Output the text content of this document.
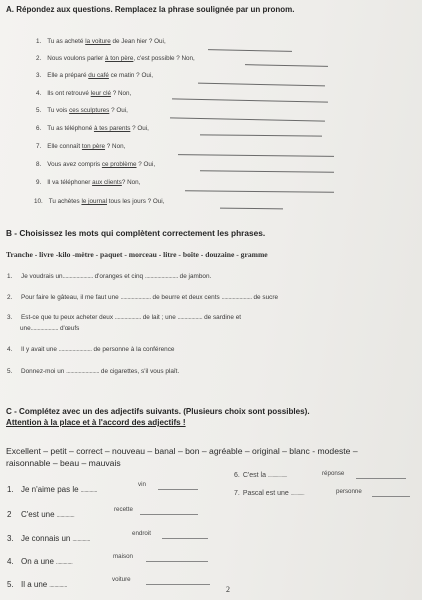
A. Répondez aux questions. Remplacez la phrase soulignée par un pronom.
1. Tu as acheté la voiture de Jean hier ? Oui,
2. Nous voulons parler à ton père, c'est possible ? Non,
3. Elle a préparé du café ce matin ? Oui,
4. Ils ont retrouvé leur clé ? Non,
5. Tu vois ces sculptures ? Oui,
6. Tu as téléphoné à tes parents ? Oui,
7. Elle connaît ton père ? Non,
8. Vous avez compris ce problème ? Oui,
9. Il va téléphoner aux clients? Non,
10. Tu achètes le journal tous les jours ? Oui,
B - Choisissez les mots qui complètent correctement les phrases.
Tranche - livre -kilo -mètre - paquet - morceau - litre - boîte - douzaine - gramme
1. Je voudrais un...................... d'oranges et cinq ........................ de jambon.
2. Pour faire le gâteau, il me faut une ...................... de beurre et deux cents ...................... de sucre
3. Est-ce que tu peux acheter deux ................... de lait ; une .................. de sardine et
une.................... d'œufs
4. Il y avait une ........................ de personne à la conférence
5. Donnez-moi un ........................ de cigarettes, s'il vous plaît.
C - Complétez avec un des adjectifs suivants. (Plusieurs choix sont possibles).
Attention à la place et à l'accord des adjectifs !
Excellent – petit – correct – nouveau – banal – bon – agréable – original – blanc - modeste –
raisonnable – beau – mauvais
1. Je n'aime pas le .............
vin
2 C'est une ..............
recette
3. Je connais un ..............
endroit
4. On a une .............
maison
5. Il a une ..............
voiture
6. C'est la .................	réponse
7. Pascal est une ............	personne
2
